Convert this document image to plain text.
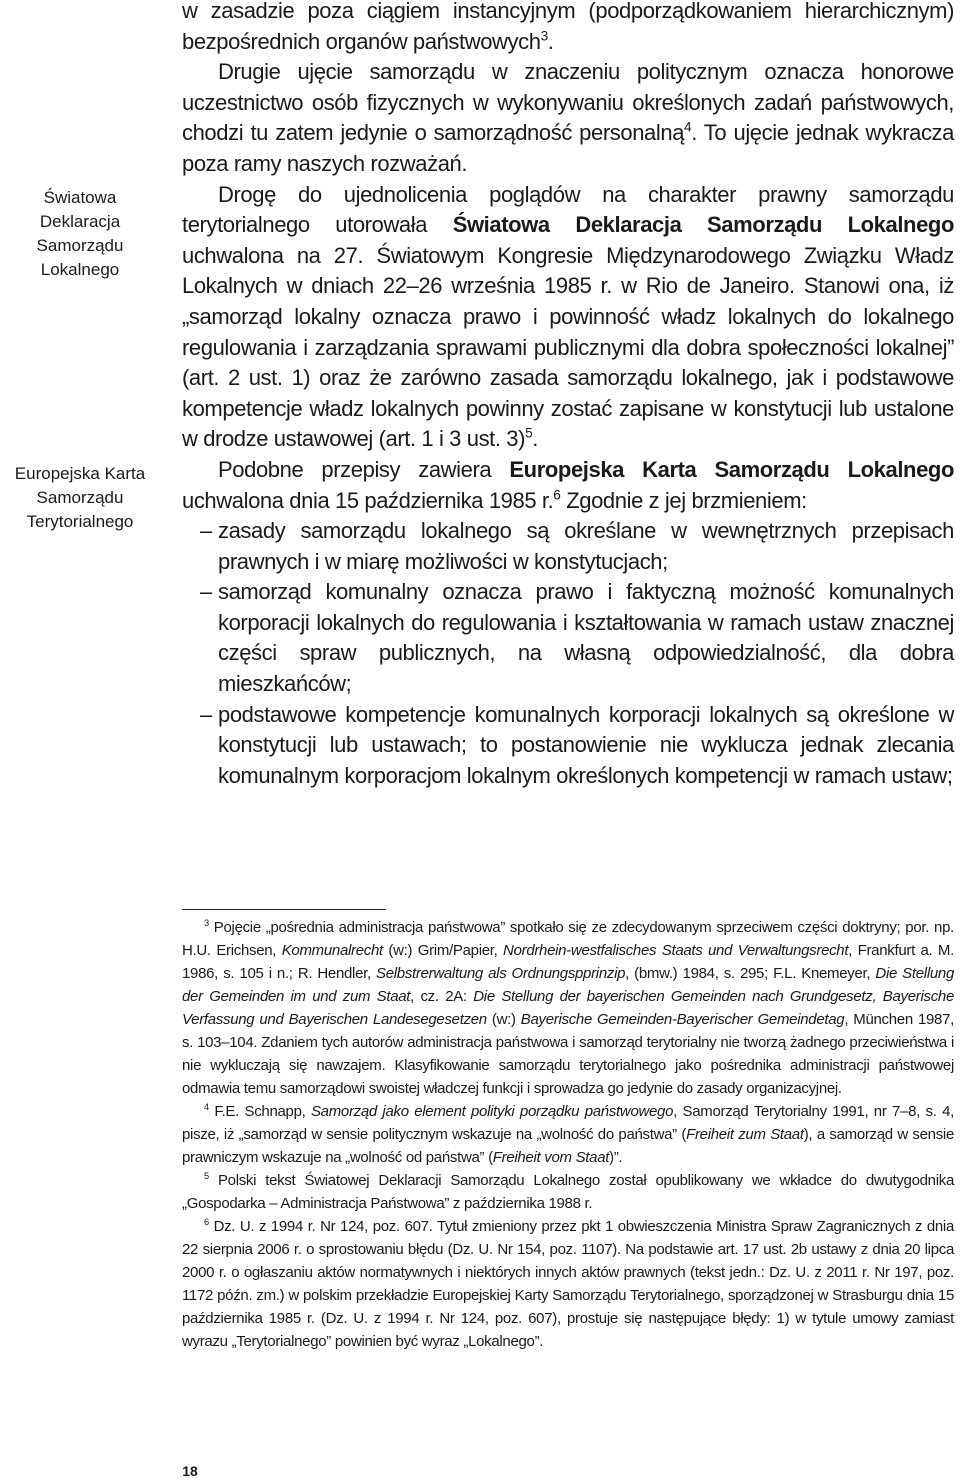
Światowa
Deklaracja
Samorządu
Lokalnego
Europejska Karta
Samorządu
Terytorialnego

w zasadzie poza ciągiem instancyjnym (podporządkowaniem hierarchicznym) bezpośrednich organów państwowych$^3$.

Drugie ujęcie samorządu w znaczeniu politycznym oznacza honorowe uczestnictwo osób fizycznych w wykonywaniu określonych zadań państwowych, chodzi tu zatem jedynie o samorządność personalną$^4$. To ujęcie jednak wykracza poza ramy naszych rozważań.

Drogę do ujednolicenia poglądów na charakter prawny samorządu terytorialnego utorowała Światowa Deklaracja Samorządu Lokalnego uchwalona na 27. Światowym Kongresie Międzynarodowego Związku Władz Lokalnych w dniach 22–26 września 1985 r. w Rio de Janeiro. Stanowi ona, iż „samorząd lokalny oznacza prawo i powinność władz lokalnych do lokalnego regulowania i zarządzania sprawami publicznymi dla dobra społeczności lokalnej” (art. 2 ust. 1) oraz że zarówno zasada samorządu lokalnego, jak i podstawowe kompetencje władz lokalnych powinny zostać zapisane w konstytucji lub ustalone w drodze ustawowej (art. 1 i 3 ust. 3)$^5$.

Podobne przepisy zawiera Europejska Karta Samorządu Lokalnego uchwalona dnia 15 października 1985 r.$^6$ Zgodnie z jej brzmieniem:

– zasady samorządu lokalnego są określane w wewnętrznych przepisach prawnych i w miarę możliwości w konstytucjach;
– samorząd komunalny oznacza prawo i faktyczną możność komunalnych korporacji lokalnych do regulowania i kształtowania w ramach ustaw znacznej części spraw publicznych, na własną odpowiedzialność, dla dobra mieszkańców;
– podstawowe kompetencje komunalnych korporacji lokalnych są określone w konstytucji lub ustawach; to postanowienie nie wyklucza jednak zlecania komunalnym korporacjom lokalnym określonych kompetencji w ramach ustaw;

$^3$ Pojęcie „pośrednia administracja państwowa” spotkało się ze zdecydowanym sprzeciwem części doktryny; por. np. H.U. Erichsen, Kommunalrecht (w:) Grim/Papier, Nordrhein-westfalisches Staats und Verwaltungsrecht, Frankfurt a. M. 1986, s. 105 i n.; R. Hendler, Selbstrerwaltung als Ordnungspprinzip, (bmw.) 1984, s. 295; F.L. Knemeyer, Die Stellung der Gemeinden im und zum Staat, cz. 2A: Die Stellung der bayerischen Gemeinden nach Grundgesetz, Bayerische Verfassung und Bayerischen Landesegesetzen (w:) Bayerische Gemeinden-Bayerischer Gemeindetag, München 1987, s. 103–104. Zdaniem tych autorów administracja państwowa i samorząd terytorialny nie tworzą żadnego przeciwieństwa i nie wykluczają się nawzajem. Klasyfikowanie samorządu terytorialnego jako pośrednika administracji państwowej odmawia temu samorządowi swoistej władczej funkcji i sprowadza go jedynie do zasady organizacyjnej.

$^4$ F.E. Schnapp, Samorząd jako element polityki porządku państwowego, Samorząd Terytorialny 1991, nr 7–8, s. 4, pisze, iż „samorząd w sensie politycznym wskazuje na „wolność do państwa” (Freiheit zum Staat), a samorząd w sensie prawniczym wskazuje na „wolność od państwa” (Freiheit vom Staat)”.

$^5$ Polski tekst Światowej Deklaracji Samorządu Lokalnego został opublikowany we wkładce do dwutygodnika „Gospodarka – Administracja Państwowa” z października 1988 r.

$^6$ Dz. U. z 1994 r. Nr 124, poz. 607. Tytuł zmieniony przez pkt 1 obwieszczenia Ministra Spraw Zagranicznych z dnia 22 sierpnia 2006 r. o sprostowaniu błędu (Dz. U. Nr 154, poz. 1107). Na podstawie art. 17 ust. 2b ustawy z dnia 20 lipca 2000 r. o ogłaszaniu aktów normatywnych i niektórych innych aktów prawnych (tekst jedn.: Dz. U. z 2011 r. Nr 197, poz. 1172 późn. zm.) w polskim przekładzie Europejskiej Karty Samorządu Terytorialnego, sporządzonej w Strasburgu dnia 15 października 1985 r. (Dz. U. z 1994 r. Nr 124, poz. 607), prostuje się następujące błędy: 1) w tytule umowy zamiast wyrazu „Terytorialnego” powinien być wyraz „Lokalnego”.

18
